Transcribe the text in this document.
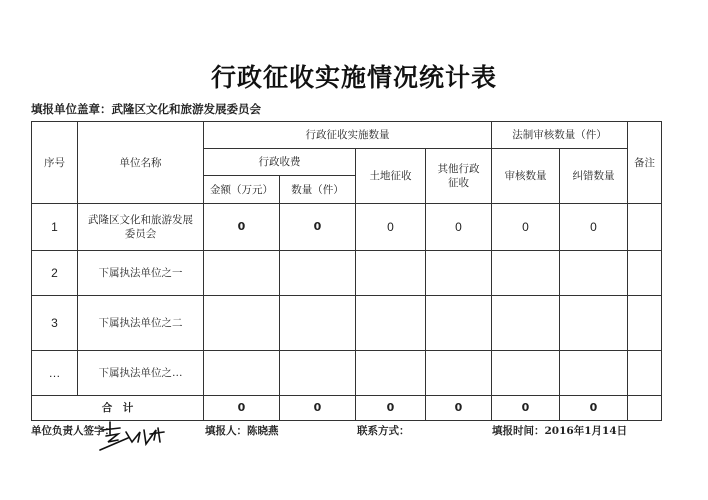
行政征收实施情况统计表
填报单位盖章：武隆区文化和旅游发展委员会
序号	单位名称	行政征收实施数量				法制审核数量（件）		备注
		行政收费		土地征收	其他行政征收	审核数量	纠错数量	
		金额（万元）	数量（件）					
1	武隆区文化和旅游发展委员会	0	0	0	0	0	0	
2	下属执法单位之一							
3	下属执法单位之二							
…	下属执法单位之…							
合　计		0	0	0	0	0	0	
单位负责人签字：	填报人：陈晓燕	联系方式：	填报时间：2016年1月14日
